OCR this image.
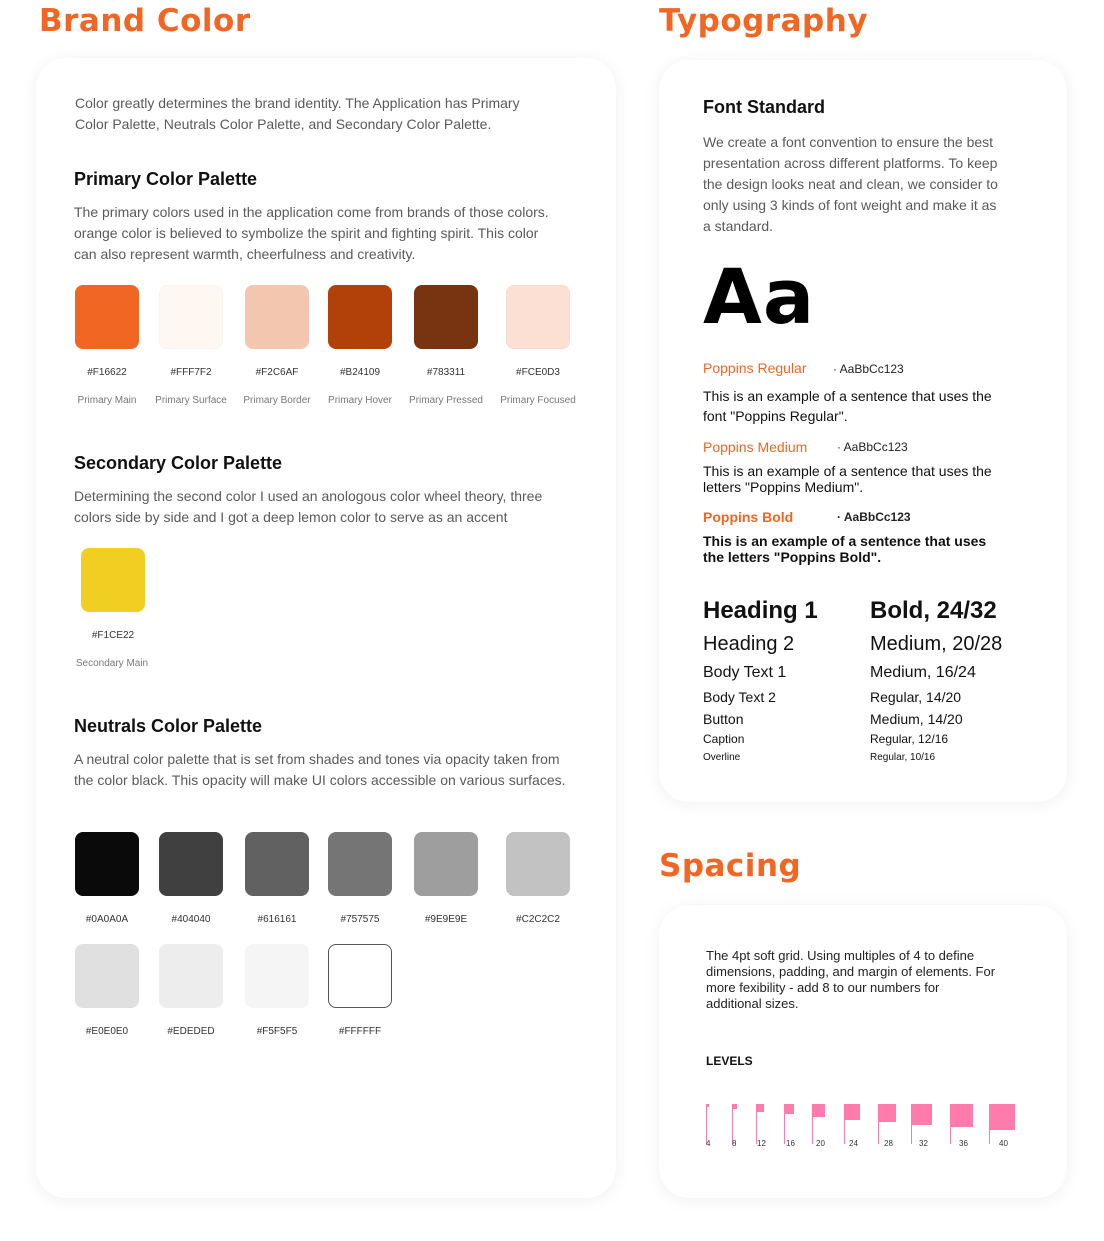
Brand Color
Color greatly determines the brand identity. The Application has Primary Color Palette, Neutrals Color Palette, and Secondary Color Palette.
Primary Color Palette
The primary colors used in the application come from brands of those colors. orange color is believed to symbolize the spirit and fighting spirit. This color can also represent warmth, cheerfulness and creativity.
#F16622
Primary Main
#FFF7F2
Primary Surface
#F2C6AF
Primary Border
#B24109
Primary Hover
#783311
Primary Pressed
#FCE0D3
Primary Focused
Secondary Color Palette
Determining the second color I used an anologous color wheel theory, three colors side by side and I got a deep lemon color to serve as an accent
#F1CE22
Secondary Main
Neutrals Color Palette
A neutral color palette that is set from shades and tones via opacity taken from the color black. This opacity will make UI colors accessible on various surfaces.
#0A0A0A	#404040	#616161	#757575	#9E9E9E	#C2C2C2
#E0E0E0	#EDEDED	#F5F5F5	#FFFFFF
Typography
Font Standard
We create a font convention to ensure the best presentation across different platforms. To keep the design looks neat and clean, we consider to only using 3 kinds of font weight and make it as a standard.
Aa
Poppins Regular · AaBbCc123
This is an example of a sentence that uses the font "Poppins Regular".
Poppins Medium · AaBbCc123
This is an example of a sentence that uses the letters "Poppins Medium".
Poppins Bold	· AaBbCc123
This is an example of a sentence that uses the letters "Poppins Bold".
Heading 1 Bold, 24/32
Heading 2	Medium, 20/28
Body Text 1	Medium, 16/24
Body Text 2	Regular, 14/20
Button	Medium, 14/20
Caption	Regular, 12/16
Overline	Regular, 10/16
Spacing
The 4pt soft grid. Using multiples of 4 to define dimensions, padding, and margin of elements. For more fexibility - add 8 to our numbers for additional sizes.
LEVELS
4	8	12	16	20	24	28	32	36	40
